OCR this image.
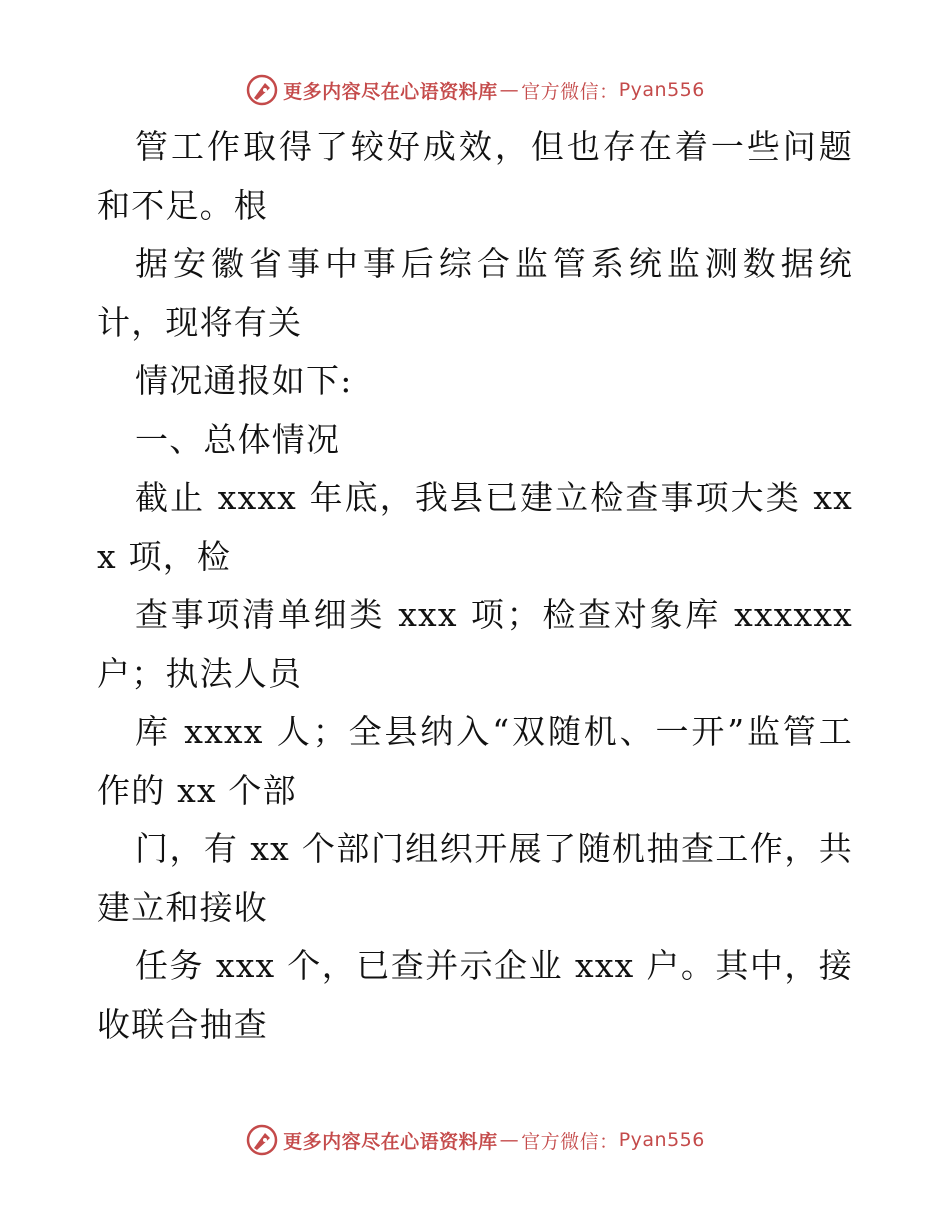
更多内容尽在心语资料库 — 官方微信： Pyan556

管工作取得了较好成效，但也存在着一些问题和不足。根

据安徽省事中事后综合监管系统监测数据统计，现将有关

情况通报如下:

一、总体情况

截止 xxxx 年底，我县已建立检查事项大类 xxx 项，检

查事项清单细类 xxx 项；检查对象库 xxxxxx 户；执法人员

库 xxxx 人；全县纳入“双随机、一开”监管工作的 xx 个部

门，有 xx 个部门组织开展了随机抽查工作，共建立和接收

任务 xxx 个，已查并示企业 xxx 户。其中，接收联合抽查

更多内容尽在心语资料库 — 官方微信： Pyan556
